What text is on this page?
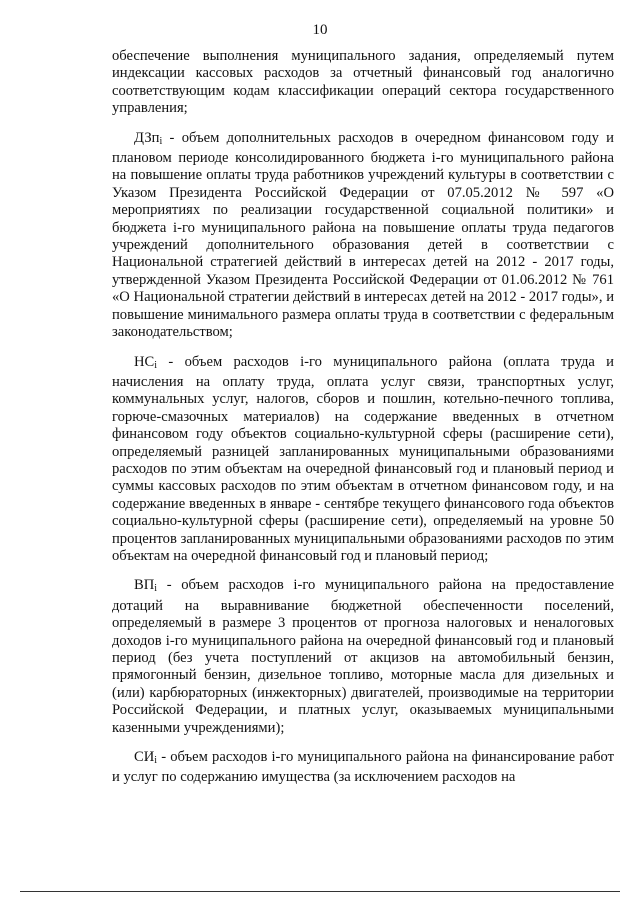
10

обеспечение выполнения муниципального задания, определяемый путем индексации кассовых расходов за отчетный финансовый год аналогично соответствующим кодам классификации операций сектора государственного управления;

ДЗп$_i$ - объем дополнительных расходов в очередном финансовом году и плановом периоде консолидированного бюджета i-го муниципального района на повышение оплаты труда работников учреждений культуры в соответствии с Указом Президента Российской Федерации от 07.05.2012 № 597 «О мероприятиях по реализации государственной социальной политики» и бюджета i-го муниципального района на повышение оплаты труда педагогов учреждений дополнительного образования детей в соответствии с Национальной стратегией действий в интересах детей на 2012 - 2017 годы, утвержденной Указом Президента Российской Федерации от 01.06.2012 № 761 «О Национальной стратегии действий в интересах детей на 2012 - 2017 годы», и повышение минимального размера оплаты труда в соответствии с федеральным законодательством;

$НС_i$ - объем расходов i-го муниципального района (оплата труда и начисления на оплату труда, оплата услуг связи, транспортных услуг, коммунальных услуг, налогов, сборов и пошлин, котельно-печного топлива, горюче-смазочных материалов) на содержание введенных в отчетном финансовом году объектов социально-культурной сферы (расширение сети), определяемый разницей запланированных муниципальными образованиями расходов по этим объектам на очередной финансовый год и плановый период и суммы кассовых расходов по этим объектам в отчетном финансовом году, и на содержание введенных в январе - сентябре текущего финансового года объектов социально-культурной сферы (расширение сети), определяемый на уровне 50 процентов запланированных муниципальными образованиями расходов по этим объектам на очередной финансовый год и плановый период;

$ВП_i$ - объем расходов i-го муниципального района на предоставление дотаций на выравнивание бюджетной обеспеченности поселений, определяемый в размере 3 процентов от прогноза налоговых и неналоговых доходов i-го муниципального района на очередной финансовый год и плановый период (без учета поступлений от акцизов на автомобильный бензин, прямогонный бензин, дизельное топливо, моторные масла для дизельных и (или) карбюраторных (инжекторных) двигателей, производимые на территории Российской Федерации, и платных услуг, оказываемых муниципальными казенными учреждениями);

$СИ_i$ - объем расходов i-го муниципального района на финансирование работ и услуг по содержанию имущества (за исключением расходов на
